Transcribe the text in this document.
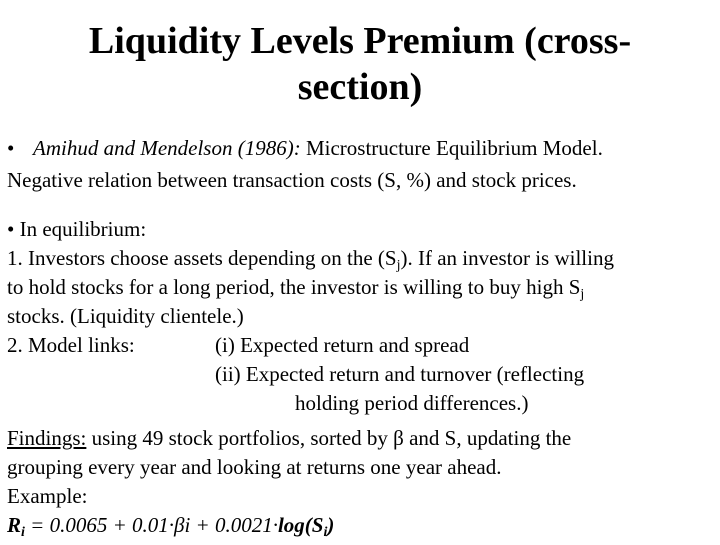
Liquidity Levels Premium (cross-
section)
• Amihud and Mendelson (1986): Microstructure Equilibrium Model.
Negative relation between transaction costs (S, %) and stock prices.
• In equilibrium:
1. Investors choose assets depending on the $(S_j)$. If an investor is willing
to hold stocks for a long period, the investor is willing to buy high $S_j$
stocks. (Liquidity clientele.)
2. Model links:	(i) Expected return and spread
(ii) Expected return and turnover (reflecting
holding period differences.)
Findings: using 49 stock portfolios, sorted by β and S, updating the
grouping every year and looking at returns one year ahead.
Example:
$R_i = 0.0065 + 0.01\cdot\beta i + 0.0021\cdot\log(S_i)$
